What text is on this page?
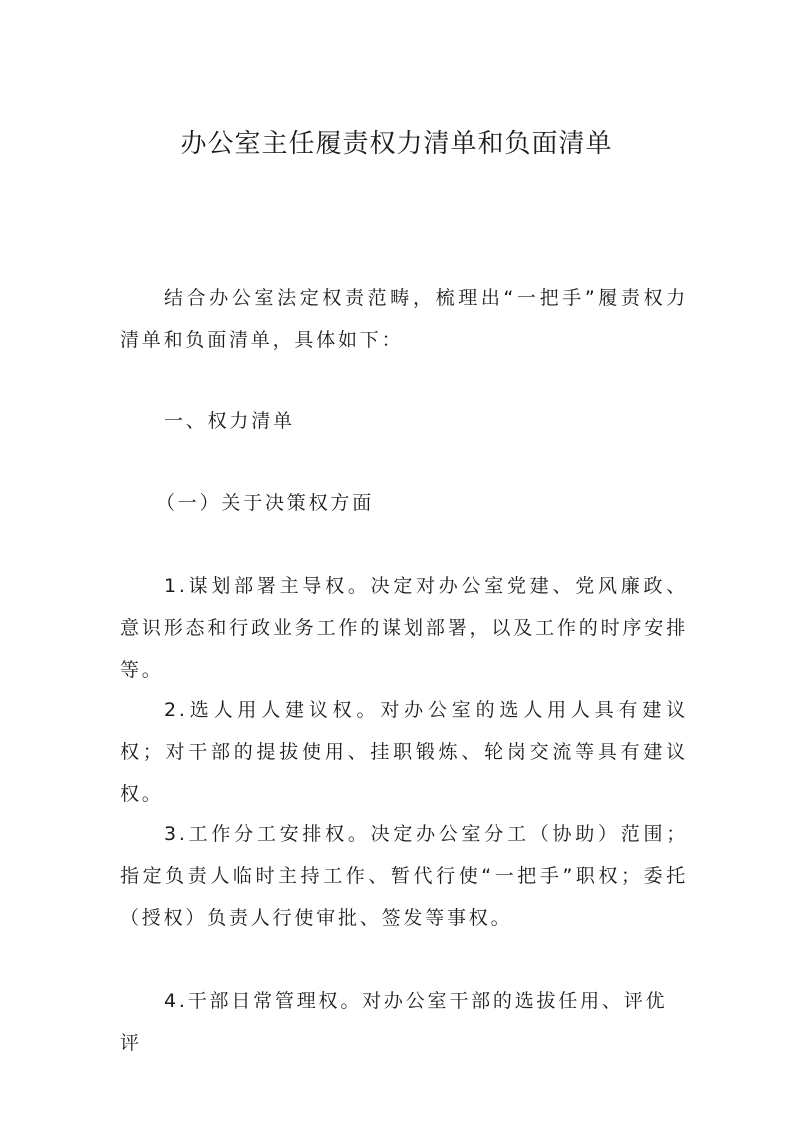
办公室主任履责权力清单和负面清单

结合办公室法定权责范畴，梳理出“一把手”履责权力清单和负面清单，具体如下：

一、权力清单

（一）关于决策权方面

1.谋划部署主导权。决定对办公室党建、党风廉政、意识形态和行政业务工作的谋划部署，以及工作的时序安排等。

2.选人用人建议权。对办公室的选人用人具有建议权；对干部的提拔使用、挂职锻炼、轮岗交流等具有建议权。

3.工作分工安排权。决定办公室分工（协助）范围；指定负责人临时主持工作、暂代行使“一把手”职权；委托（授权）负责人行使审批、签发等事权。

4.干部日常管理权。对办公室干部的选拔任用、评优评
